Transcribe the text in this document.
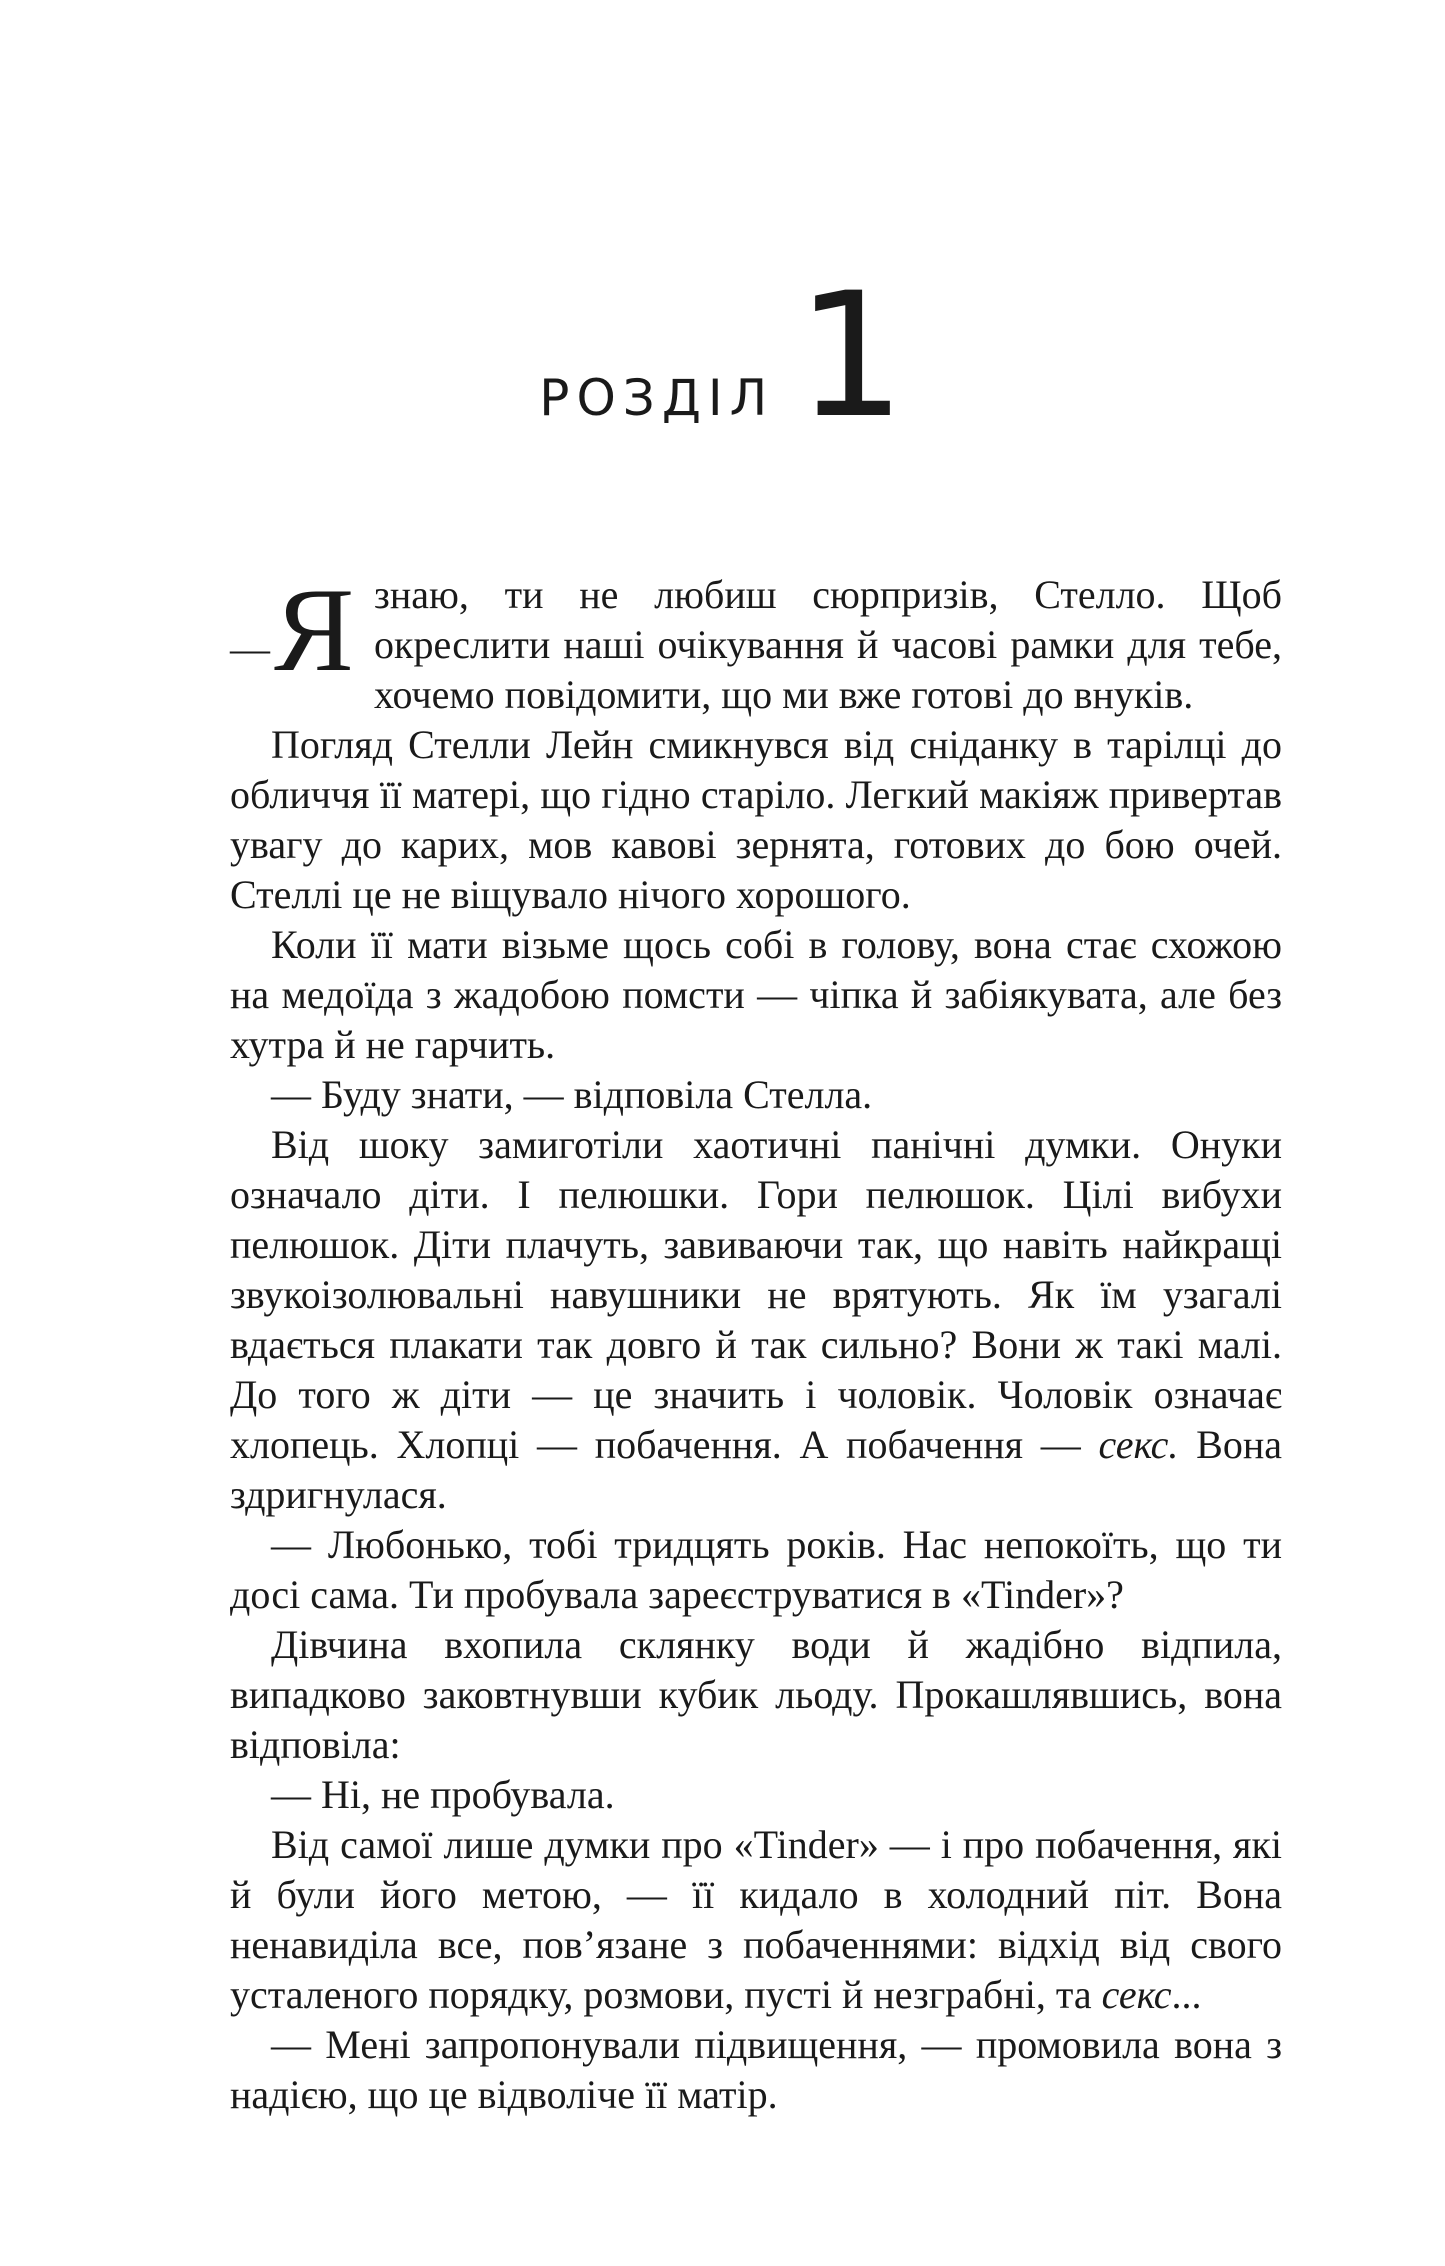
РОЗДІЛ 1

— Я знаю, ти не любиш сюрпризів, Стелло. Щоб окреслити наші очікування й часові рамки для тебе, хочемо повідомити, що ми вже готові до внуків.

Погляд Стелли Лейн смикнувся від сніданку в тарілці до обличчя її матері, що гідно старіло. Легкий макіяж привертав увагу до карих, мов кавові зернята, готових до бою очей. Стеллі це не віщувало нічого хорошого.

Коли її мати візьме щось собі в голову, вона стає схожою на медоїда з жадобою помсти — чіпка й забіякувата, але без хутра й не гарчить.

— Буду знати, — відповіла Стелла.

Від шоку замиготіли хаотичні панічні думки. Онуки означало діти. І пелюшки. Гори пелюшок. Цілі вибухи пелюшок. Діти плачуть, завиваючи так, що навіть найкращі звукоізолювальні навушники не врятують. Як їм узагалі вдається плакати так довго й так сильно? Вони ж такі малі. До того ж діти — це значить і чоловік. Чоловік означає хлопець. Хлопці — побачення. А побачення — секс. Вона здригнулася.

— Любонько, тобі тридцять років. Нас непокоїть, що ти досі сама. Ти пробувала зареєструватися в «Tinder»?

Дівчина вхопила склянку води й жадібно відпила, випадково заковтнувши кубик льоду. Прокашлявшись, вона відповіла:

— Ні, не пробувала.

Від самої лише думки про «Tinder» — і про побачення, які й були його метою, — її кидало в холодний піт. Вона ненавиділа все, пов’язане з побаченнями: відхід від свого усталеного порядку, розмови, пусті й незграбні, та секс...

— Мені запропонували підвищення, — промовила вона з надією, що це відволіче її матір.
